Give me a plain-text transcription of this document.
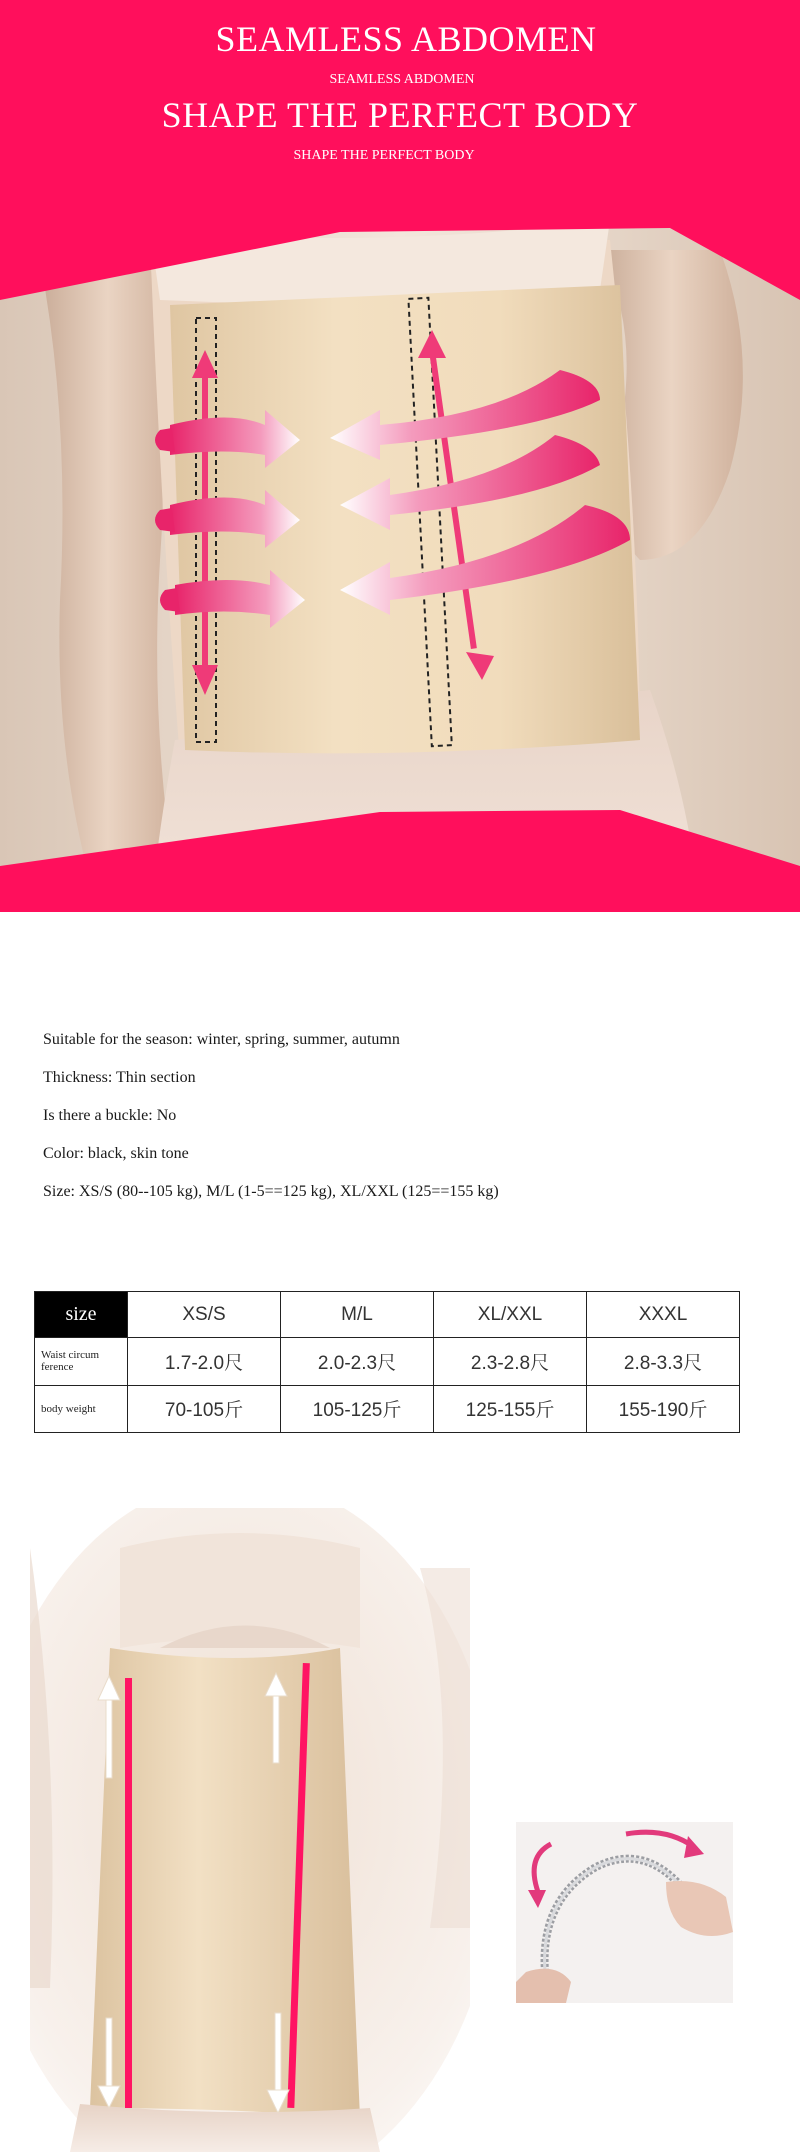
SEAMLESS ABDOMEN
SEAMLESS ABDOMEN
SHAPE THE PERFECT BODY
SHAPE THE PERFECT BODY

Suitable for the season: winter, spring, summer, autumn

Thickness: Thin section

Is there a buckle: No

Color: black, skin tone

Size: XS/S (80--105 kg), M/L (1-5==125 kg), XL/XXL (125==155 kg)

size	XS/S	M/L	XL/XXL	XXXL
Waist circum ference	1.7-2.0尺	2.0-2.3尺	2.3-2.8尺	2.8-3.3尺
body weight	70-105斤	105-125斤	125-155斤	155-190斤
